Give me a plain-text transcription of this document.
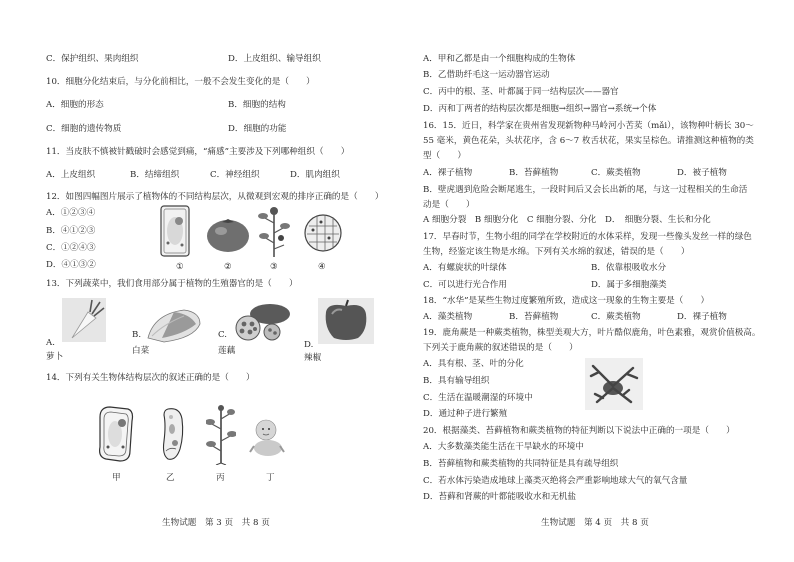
C．保护组织、果肉组织	D．上皮组织、输导组织
10．细胞分化结束后，与分化前相比，一般不会发生变化的是（　　）
A．细胞的形态	B．细胞的结构
C．细胞的遗传物质	D．细胞的功能
11．当皮肤不慎被针戳破时会感觉到痛，“痛感”主要涉及下列哪种组织（　　）
A．上皮组织	B．结缔组织	C．神经组织	D．肌肉组织
12．如图四幅图片展示了植物体的不同结构层次，从微观到宏观的排序正确的是（　　）
A．①②③④
B．④①②③
C．①②④③
D．④①③②	①	②	③	④
13．下列蔬菜中，我们食用部分属于植物的生殖器官的是（　　）
A.
萝卜
B.
白菜
C.
莲藕
D.
辣椒
14．下列有关生物体结构层次的叙述正确的是（　　）
甲	乙	丙	丁
生物试题　第 3 页　共 8 页
A．甲和乙都是由一个细胞构成的生物体
B．乙借助纤毛这一运动器官运动
C．丙中的根、茎、叶都属于同一结构层次——器官
D．丙和丁两者的结构层次都是细胞→组织→器官→系统→个体
16．15．近日，科学家在贵州省发现新物种马岭河小苦荬（mǎi），该物种叶柄长 30～
55 毫米，黄色花朵，头状花序，含 6～7 枚舌状花，果实呈棕色。请推测这种植物的类
型（　　）
A．裸子植物	B．苔藓植物	C．蕨类植物	D．被子植物
B．壁虎遇到危险会断尾逃生，一段时间后又会长出新的尾，与这一过程相关的生命活
动是（　　）
A 细胞分裂　B 细胞分化　C 细胞分裂、分化　D．　细胞分裂、生长和分化
17．早春时节，生物小组的同学在学校附近的水体采样，发现一些像头发丝一样的绿色
生物，经鉴定该生物是水绵。下列有关水绵的叙述，错误的是（　　）
A．有螺旋状的叶绿体	B．依靠根吸收水分
C．可以进行光合作用	D．属于多细胞藻类
18．“水华”是某些生物过度繁殖所致，造成这一现象的生物主要是（　　）
A．藻类植物	B．苔藓植物	C．蕨类植物	D．裸子植物
19．鹿角蕨是一种蕨类植物，株型美观大方，叶片酷似鹿角，叶色素雅，观赏价值极高。
下列关于鹿角蕨的叙述错误的是（　　）
A．具有根、茎、叶的分化
B．具有输导组织
C．生活在温暖潮湿的环境中
D．通过种子进行繁殖
20．根据藻类、苔藓植物和蕨类植物的特征判断以下说法中正确的一项是（　　）
A．大多数藻类能生活在干旱缺水的环境中
B．苔藓植物和蕨类植物的共同特征是具有疏导组织
C．若水体污染造成地球上藻类灭绝将会严重影响地球大气的氧气含量
D．苔藓和肾蕨的叶都能吸收水和无机盐
生物试题　第 4 页　共 8 页
